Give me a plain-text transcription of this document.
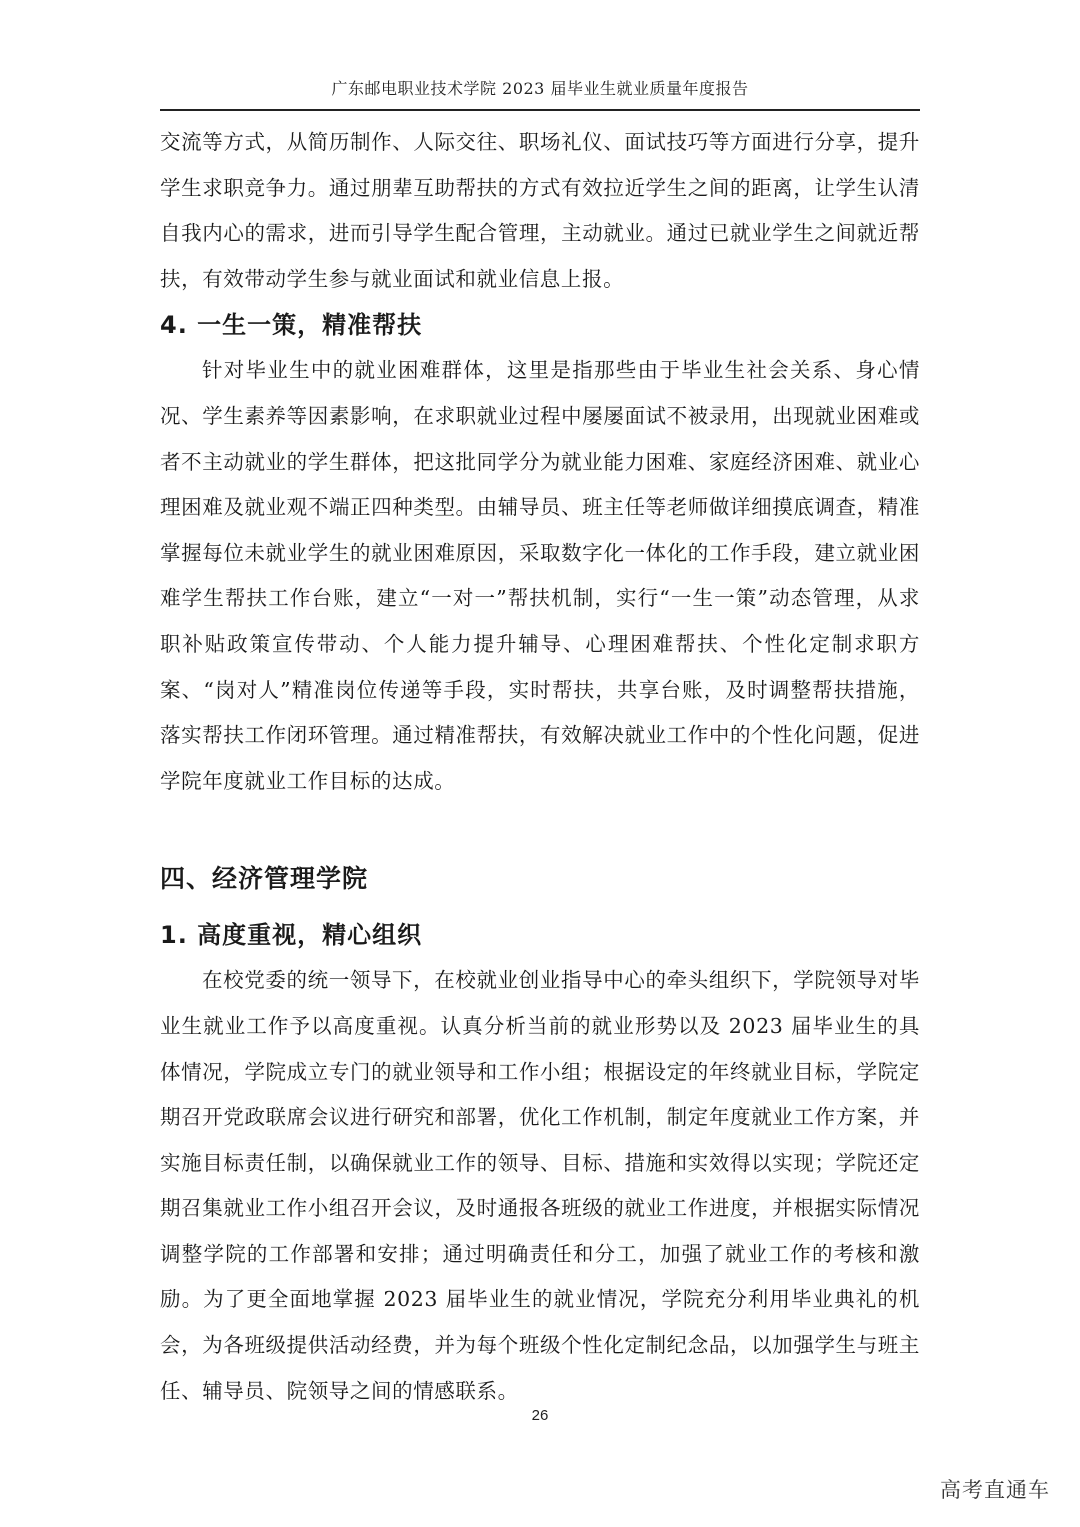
广东邮电职业技术学院 2023 届毕业生就业质量年度报告

交流等方式，从简历制作、人际交往、职场礼仪、面试技巧等方面进行分享，提升学生求职竞争力。通过朋辈互助帮扶的方式有效拉近学生之间的距离，让学生认清自我内心的需求，进而引导学生配合管理，主动就业。通过已就业学生之间就近帮扶，有效带动学生参与就业面试和就业信息上报。

4. 一生一策，精准帮扶

针对毕业生中的就业困难群体，这里是指那些由于毕业生社会关系、身心情况、学生素养等因素影响，在求职就业过程中屡屡面试不被录用，出现就业困难或者不主动就业的学生群体，把这批同学分为就业能力困难、家庭经济困难、就业心理困难及就业观不端正四种类型。由辅导员、班主任等老师做详细摸底调查，精准掌握每位未就业学生的就业困难原因，采取数字化一体化的工作手段，建立就业困难学生帮扶工作台账，建立“一对一”帮扶机制，实行“一生一策”动态管理，从求职补贴政策宣传带动、个人能力提升辅导、心理困难帮扶、个性化定制求职方案、“岗对人”精准岗位传递等手段，实时帮扶，共享台账，及时调整帮扶措施，落实帮扶工作闭环管理。通过精准帮扶，有效解决就业工作中的个性化问题，促进学院年度就业工作目标的达成。

四、经济管理学院
1. 高度重视，精心组织

在校党委的统一领导下，在校就业创业指导中心的牵头组织下，学院领导对毕业生就业工作予以高度重视。认真分析当前的就业形势以及 2023 届毕业生的具体情况，学院成立专门的就业领导和工作小组；根据设定的年终就业目标，学院定期召开党政联席会议进行研究和部署，优化工作机制，制定年度就业工作方案，并实施目标责任制，以确保就业工作的领导、目标、措施和实效得以实现；学院还定期召集就业工作小组召开会议，及时通报各班级的就业工作进度，并根据实际情况调整学院的工作部署和安排；通过明确责任和分工，加强了就业工作的考核和激励。为了更全面地掌握 2023 届毕业生的就业情况，学院充分利用毕业典礼的机会，为各班级提供活动经费，并为每个班级个性化定制纪念品，以加强学生与班主任、辅导员、院领导之间的情感联系。

26
高考直通车
